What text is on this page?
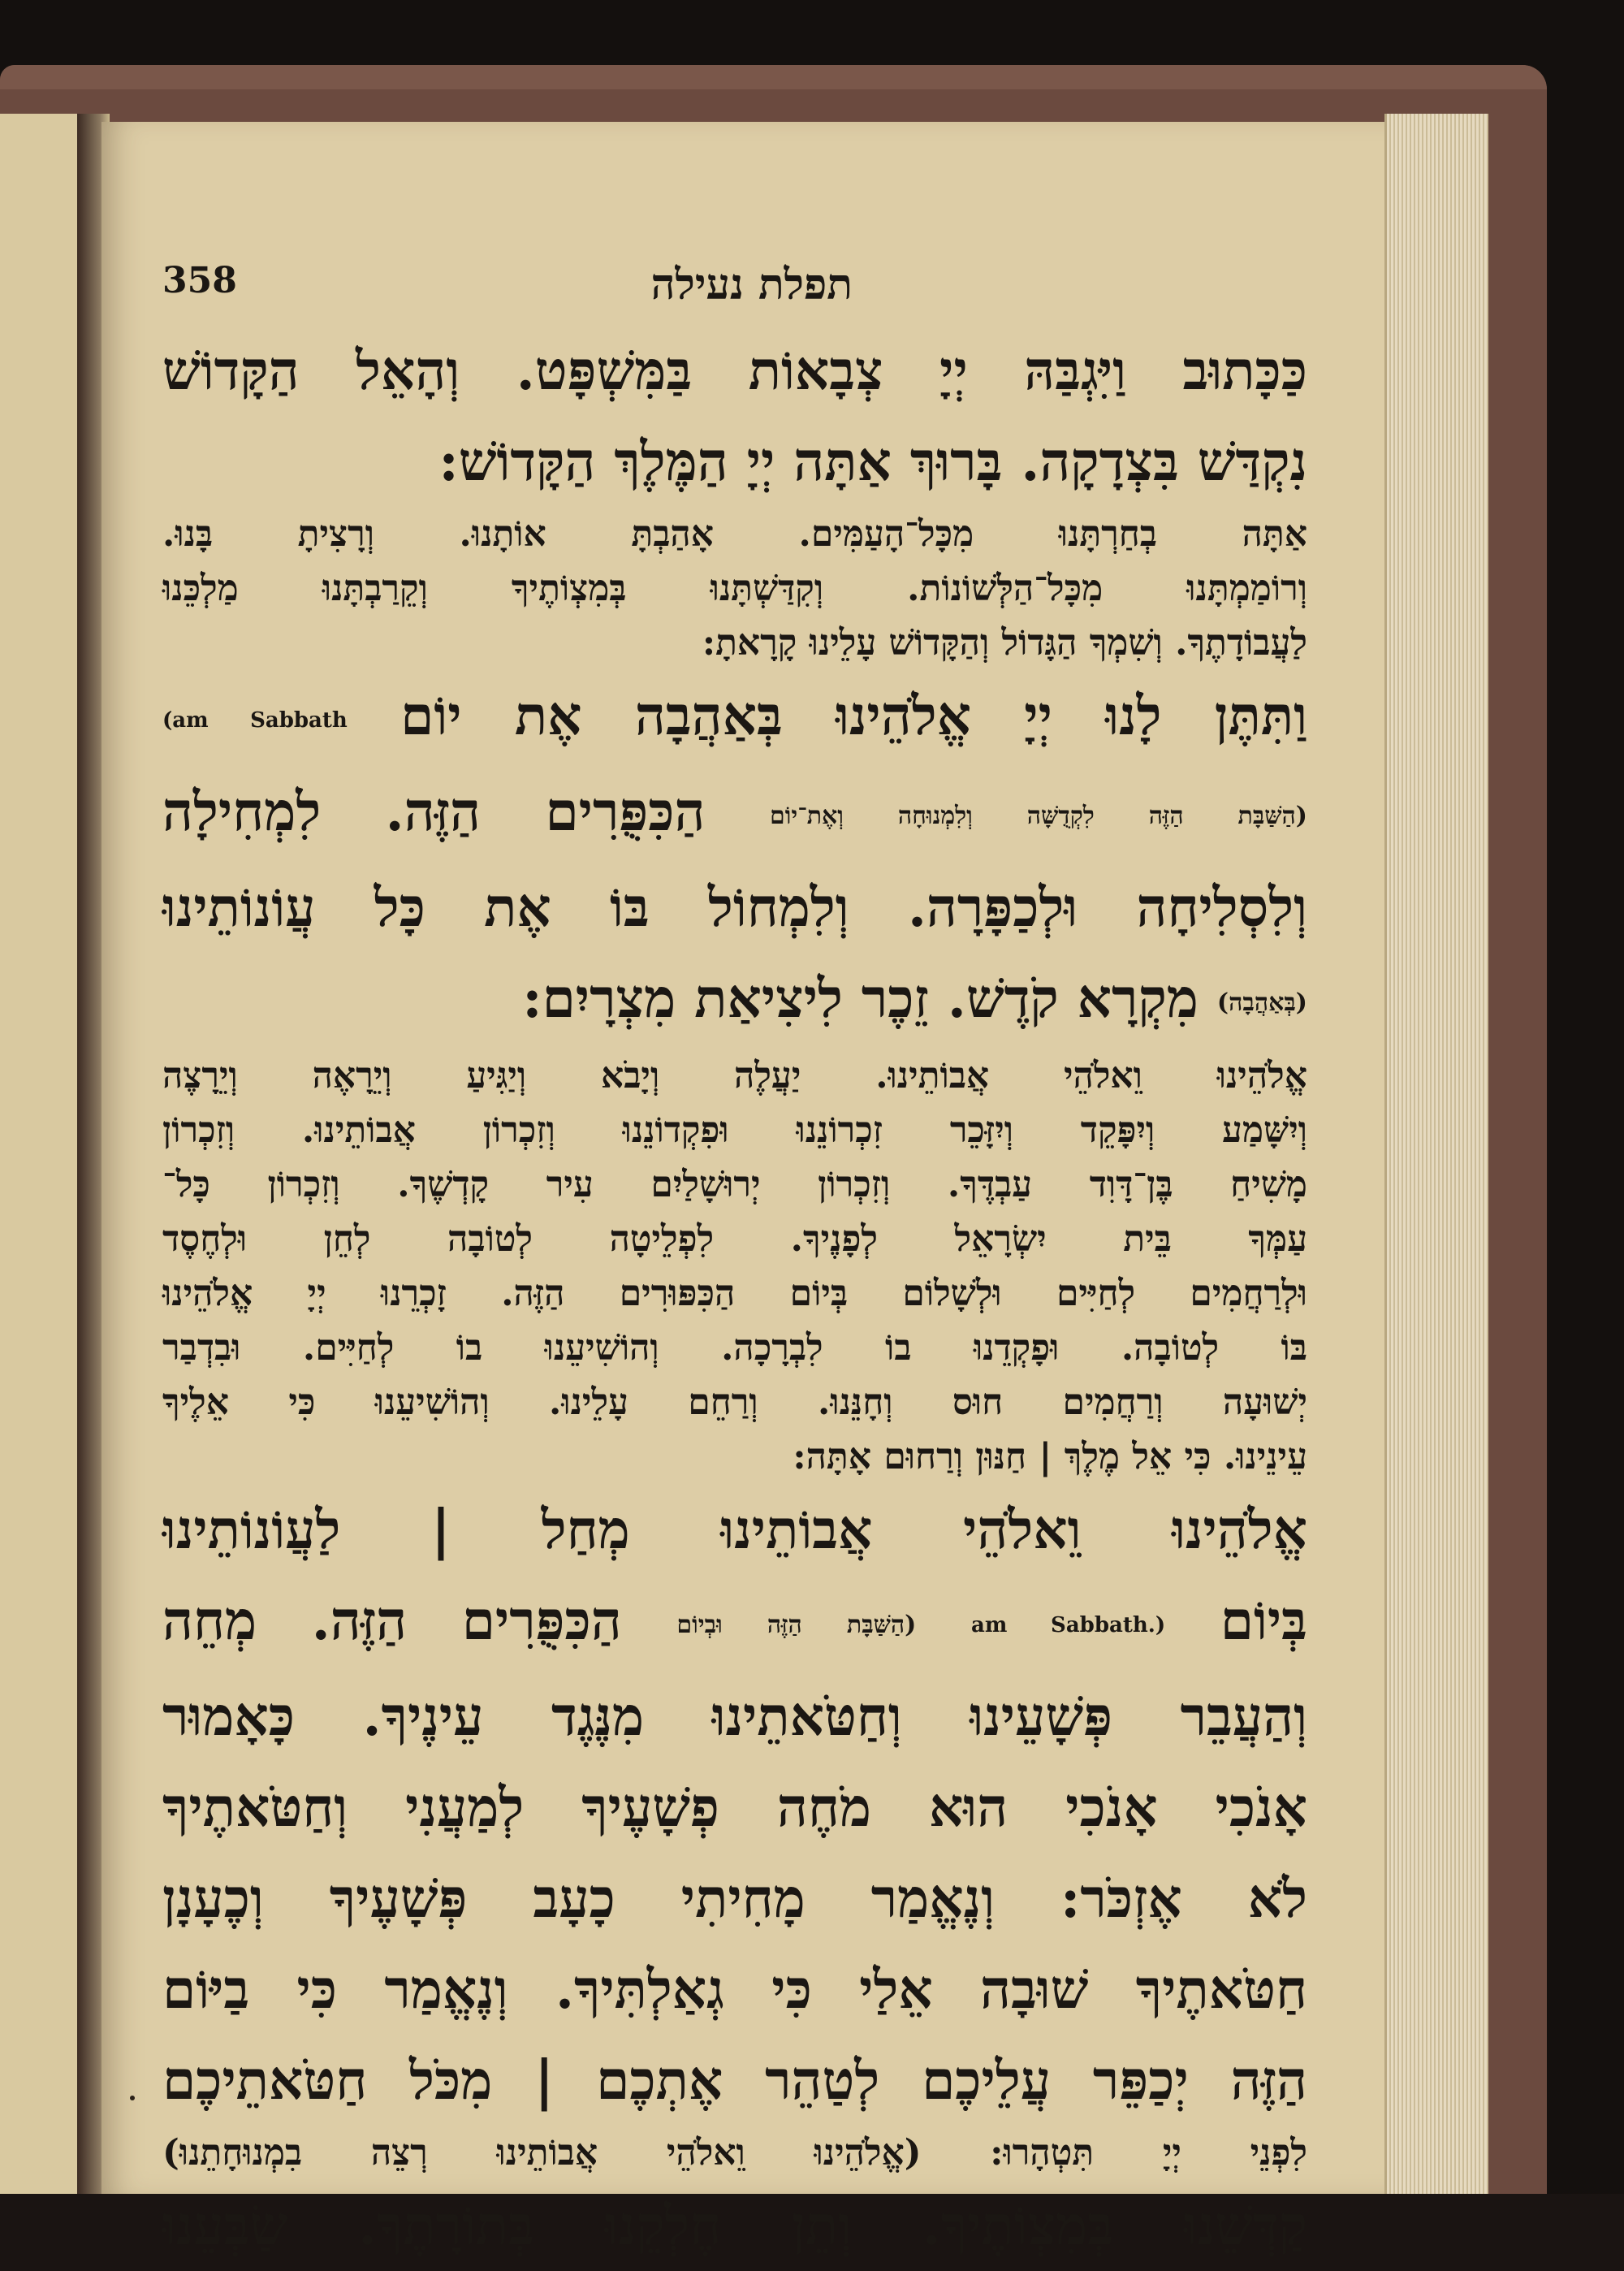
תפלת נעילה
358
כַּכָּתוּב וַיִּגְבַּהּ יְיָ צְבָאוֹת בַּמִּשְׁפָּט. וְהָאֵל הַקָּדוֹשׁ
נִקְדַּשׁ בִּצְדָקָה. בָּרוּךְ אַתָּה יְיָ הַמֶּלֶךְ הַקָּדוֹשׁ:
אַתָּה בְחַרְתָּנוּ מִכָּל־הָעַמִּים. אָהַבְתָּ אוֹתָנוּ. וְרָצִיתָ בָּנוּ.
וְרוֹמַמְתָּנוּ מִכָּל־הַלְּשׁוֹנוֹת. וְקִדַּשְׁתָּנוּ בְּמִצְוֹתֶיךָ וְקֵרַבְתָּנוּ מַלְכֵּנוּ
לַעֲבוֹדָתֶךָ. וְשִׁמְךָ הַגָּדוֹל וְהַקָּדוֹשׁ עָלֵינוּ קָרָאתָ:
וַתִּתֶּן לָנוּ יְיָ אֱלֹהֵינוּ בְּאַהֲבָה אֶת יוֹם (am Sabbath
(הַשַּׁבָּת הַזֶּה לִקְדֻשָּׁה וְלִמְנוּחָה וְאֶת־יוֹם הַכִּפֻּרִים הַזֶּה. לִמְחִילָה
וְלִסְלִיחָה וּלְכַפָּרָה. וְלִמְחוֹל בּוֹ אֶת כָּל עֲוֹנוֹתֵינוּ
(בְּאַהֲבָה) מִקְרָא קֹדֶשׁ. זֵכֶר לִיצִיאַת מִצְרָיִם:
אֱלֹהֵינוּ וֵאלֹהֵי אֲבוֹתֵינוּ. יַעֲלֶה וְיָבֹא וְיַגִּיעַ וְיֵרָאֶה וְיֵרָצֶה
וְיִשָּׁמַע וְיִפָּקֵד וְיִזָּכֵר זִכְרוֹנֵנוּ וּפִקְדוֹנֵנוּ וְזִכְרוֹן אֲבוֹתֵינוּ. וְזִכְרוֹן
מָשִׁיחַ בֶּן־דָּוִד עַבְדֶּךָ. וְזִכְרוֹן יְרוּשָׁלַיִם עִיר קָדְשֶׁךָ. וְזִכְרוֹן כָּל־
עַמְּךָ בֵּית יִשְׂרָאֵל לְפָנֶיךָ. לִפְלֵיטָה לְטוֹבָה לְחֵן וּלְחֶסֶד
וּלְרַחֲמִים לְחַיִּים וּלְשָׁלוֹם בְּיוֹם הַכִּפּוּרִים הַזֶּה. זָכְרֵנוּ יְיָ אֱלֹהֵינוּ
בּוֹ לְטוֹבָה. וּפָקְדֵנוּ בוֹ לִבְרָכָה. וְהוֹשִׁיעֵנוּ בוֹ לְחַיִּים. וּבִדְבַר
יְשׁוּעָה וְרַחֲמִים חוּס וְחָנֵּנוּ. וְרַחֵם עָלֵינוּ. וְהוֹשִׁיעֵנוּ כִּי אֵלֶיךָ
עֵינֵינוּ. כִּי אֵל מֶלֶךְ | חַנּוּן וְרַחוּם אָתָּה:
אֱלֹהֵינוּ וֵאלֹהֵי אֲבוֹתֵינוּ מְחַל | לַעֲוֹנוֹתֵינוּ
בְּיוֹם am Sabbath.) (הַשַּׁבָּת הַזֶּה וּבְיוֹם הַכִּפֻּרִים הַזֶּה. מְחֵה
וְהַעֲבֵר פְּשָׁעֵינוּ וְחַטֹּאתֵינוּ מִנֶּגֶד עֵינֶיךָ. כָּאָמוּר
אָנֹכִי אָנֹכִי הוּא מֹחֶה פְשָׁעֶיךָ לְמַעֲנִי וְחַטֹּאתֶיךָ
לֹא אֶזְכֹּר: וְנֶאֱמַר מָחִיתִי כָעָב פְּשָׁעֶיךָ וְכֶעָנָן
חַטֹּאתֶיךָ שׁוּבָה אֵלַי כִּי גְאַלְתִּיךָ. וְנֶאֱמַר כִּי בַיּוֹם
הַזֶּה יְכַפֵּר עֲלֵיכֶם לְטַהֵר אֶתְכֶם | מִכֹּל חַטֹּאתֵיכֶם
לִפְנֵי יְיָ תִּטְהָרוּ: (אֱלֹהֵינוּ וֵאלֹהֵי אֲבוֹתֵינוּ רְצֵה בִמְנוּחָתֵנוּ)
קַדְּשֵׁנוּ בְּמִצְוֹתֶיךָ. וְתֵן חֶלְקֵנוּ בְּתוֹרָתֶךָ. שַׂבְּעֵנוּ
